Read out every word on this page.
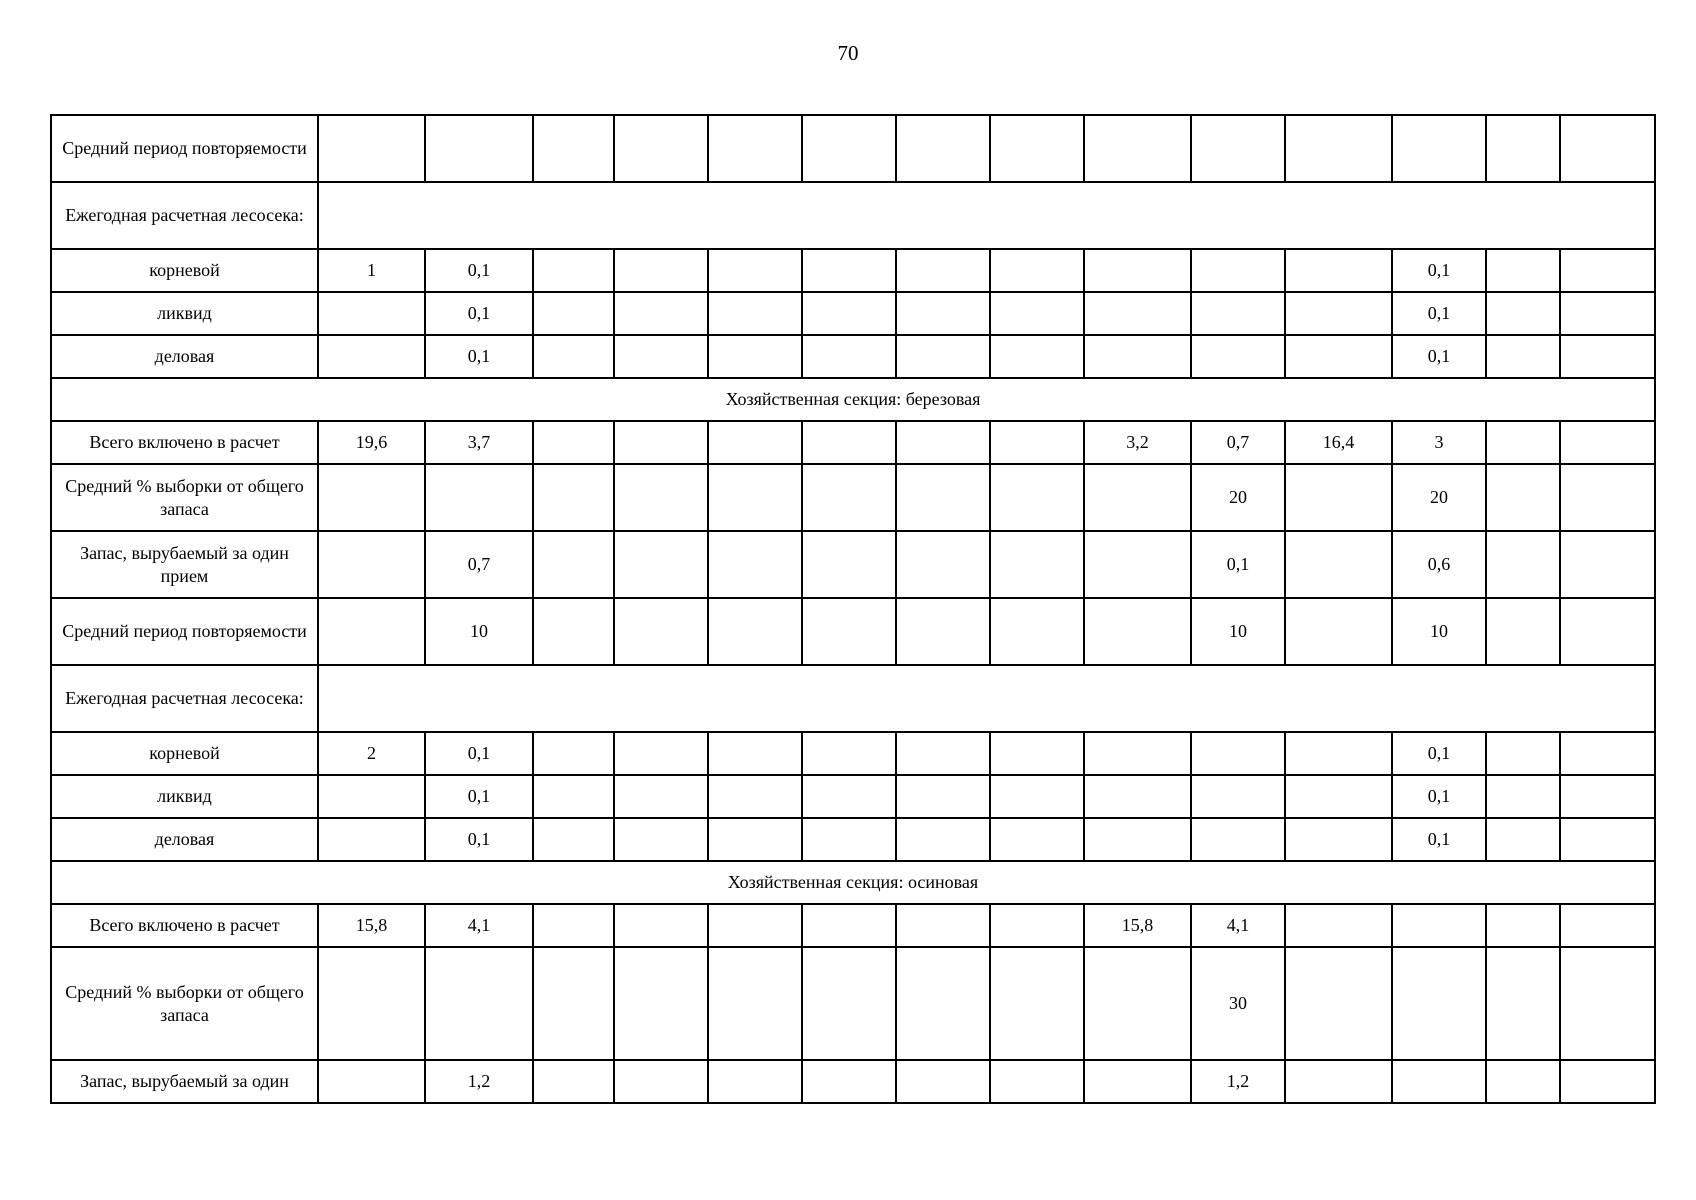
70
Средний период повторяемости														
Ежегодная расчетная лесосека:														
корневой	1	0,1										0,1		
ликвид		0,1										0,1		
деловая		0,1										0,1		
Хозяйственная секция: березовая														
Всего включено в расчет	19,6	3,7							3,2	0,7	16,4	3		
Средний % выборки от общего запаса										20		20		
Запас, вырубаемый за один прием		0,7								0,1		0,6		
Средний период повторяемости		10								10		10		
Ежегодная расчетная лесосека:														
корневой	2	0,1										0,1		
ликвид		0,1										0,1		
деловая		0,1										0,1		
Хозяйственная секция: осиновая														
Всего включено в расчет	15,8	4,1							15,8	4,1				
Средний % выборки от общего запаса										30				
Запас, вырубаемый за один		1,2								1,2				
